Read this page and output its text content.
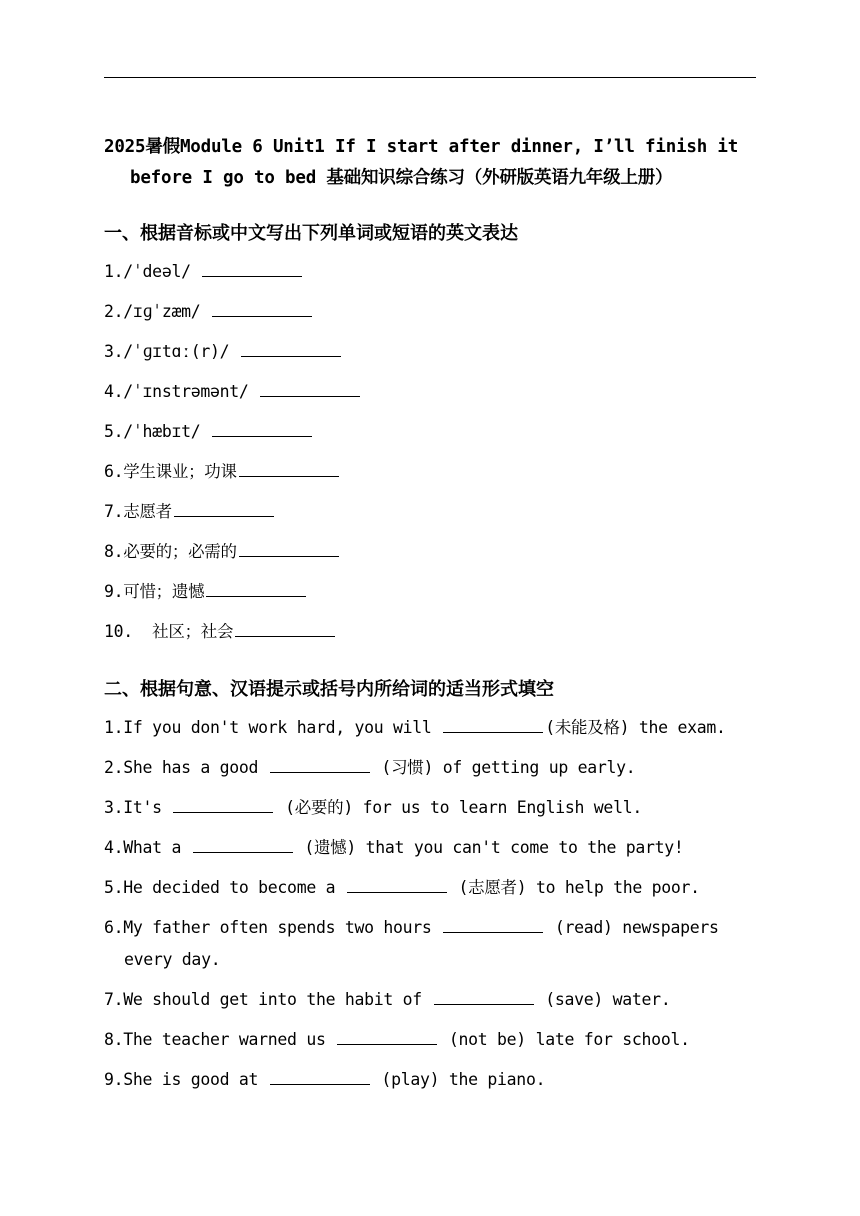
2025暑假Module 6 Unit1 If I start after dinner, I’ll finish it
before I go to bed 基础知识综合练习（外研版英语九年级上册）
一、根据音标或中文写出下列单词或短语的英文表达
1./ˈdeəl/
2./ɪɡˈzæm/
3./ˈɡɪtɑː(r)/
4./ˈɪnstrəmənt/
5./ˈhæbɪt/
6.学生课业；功课
7.志愿者
8.必要的；必需的
9.可惜；遗憾
10.  社区；社会
二、根据句意、汉语提示或括号内所给词的适当形式填空
1.If you don't work hard, you will	(未能及格) the exam.
2.She has a good	(习惯) of getting up early.
3.It's	(必要的) for us to learn English well.
4.What a	(遗憾) that you can't come to the party!
5.He decided to become a	(志愿者) to help the poor.
6.My father often spends two hours	(read) newspapers
every day.
7.We should get into the habit of	(save) water.
8.The teacher warned us	(not be) late for school.
9.She is good at	(play) the piano.
